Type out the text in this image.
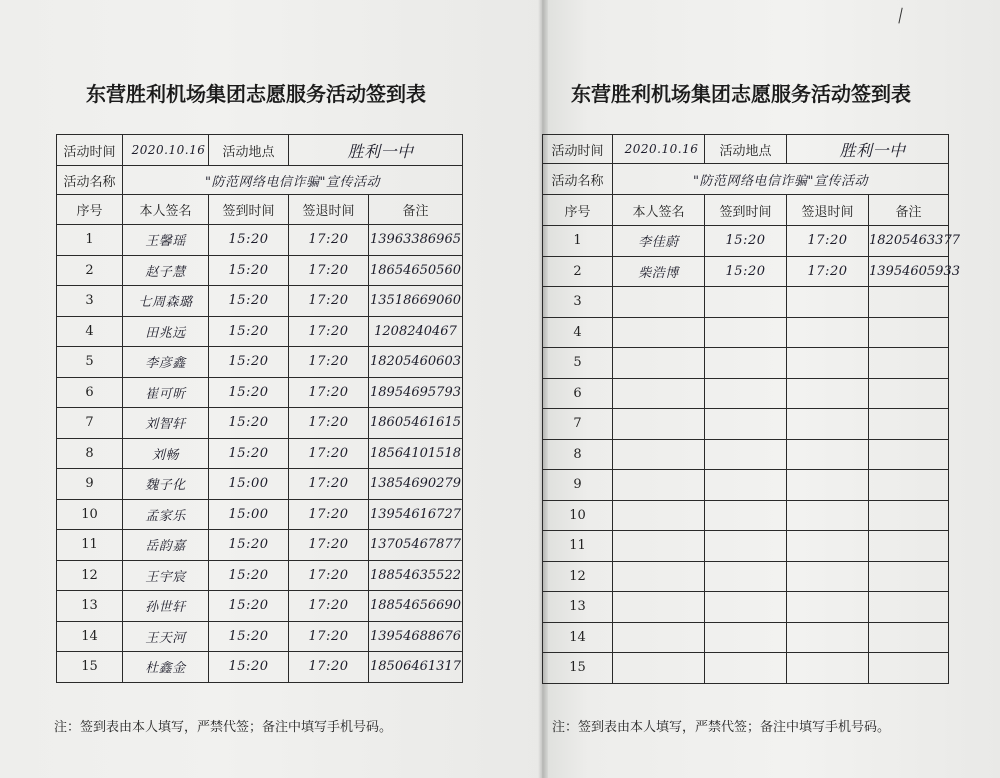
东营胜利机场集团志愿服务活动签到表
活动时间	2020.10.16	活动地点	胜利一中	
活动名称	"防范网络电信诈骗"宣传活动			
序号	本人签名	签到时间	签退时间	备注
1	王馨瑶	15:20	17:20	13963386965
2	赵子慧	15:20	17:20	18654650560
3	七周森璐	15:20	17:20	13518669060
4	田兆远	15:20	17:20	1208240467
5	李彦鑫	15:20	17:20	18205460603
6	崔可昕	15:20	17:20	18954695793
7	刘智轩	15:20	17:20	18605461615
8	刘畅	15:20	17:20	18564101518
9	魏子化	15:00	17:20	13854690279
10	孟家乐	15:00	17:20	13954616727
11	岳韵嘉	15:20	17:20	13705467877
12	王宇宸	15:20	17:20	18854635522
13	孙世轩	15:20	17:20	18854656690
14	王天河	15:20	17:20	13954688676
15	杜鑫金	15:20	17:20	18506461317
注：签到表由本人填写，严禁代签；备注中填写手机号码。
东营胜利机场集团志愿服务活动签到表
活动时间	2020.10.16	活动地点	胜利一中	
活动名称	"防范网络电信诈骗"宣传活动			
序号	本人签名	签到时间	签退时间	备注
1	李佳蔚	15:20	17:20	18205463377
2	柴浩博	15:20	17:20	13954605933
3				
4				
5				
6				
7				
8				
9				
10				
11				
12				
13				
14				
15				
注：签到表由本人填写，严禁代签；备注中填写手机号码。
